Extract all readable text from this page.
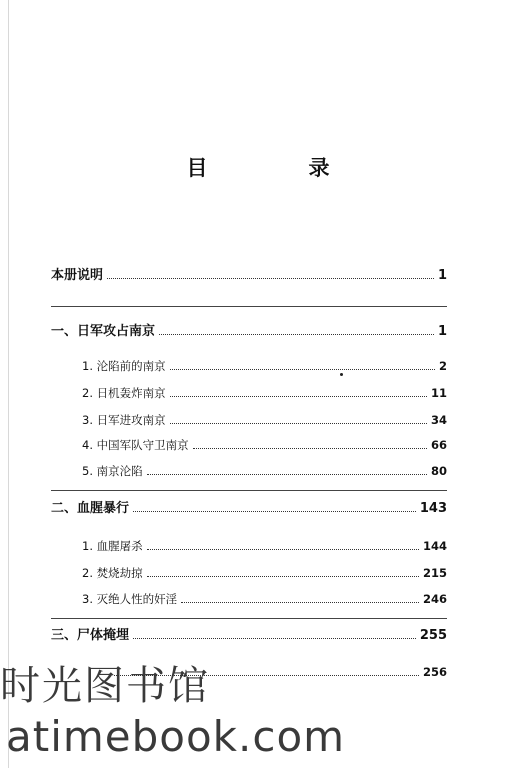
目　录
本册说明	1
一、日军攻占南京	1
1. 沦陷前的南京	2
2. 日机轰炸南京	11
3. 日军进攻南京	34
4. 中国军队守卫南京	66
5. 南京沦陷	80
二、血腥暴行	143
1. 血腥屠杀	144
2. 焚烧劫掠	215
3. 灭绝人性的奸淫	246
三、尸体掩埋	255
256
时光图书馆
atimebook.com
